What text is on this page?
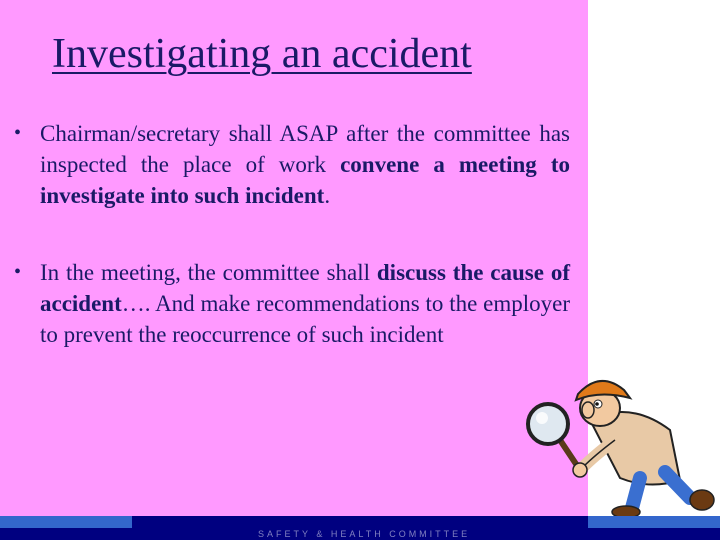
Investigating an accident
• Chairman/secretary shall ASAP after the committee has inspected the place of work convene a meeting to investigate into such incident.
• In the meeting, the committee shall discuss the cause of accident…. And make recommendations to the employer to prevent the reoccurrence of such incident
SAFETY & HEALTH COMMITTEE
